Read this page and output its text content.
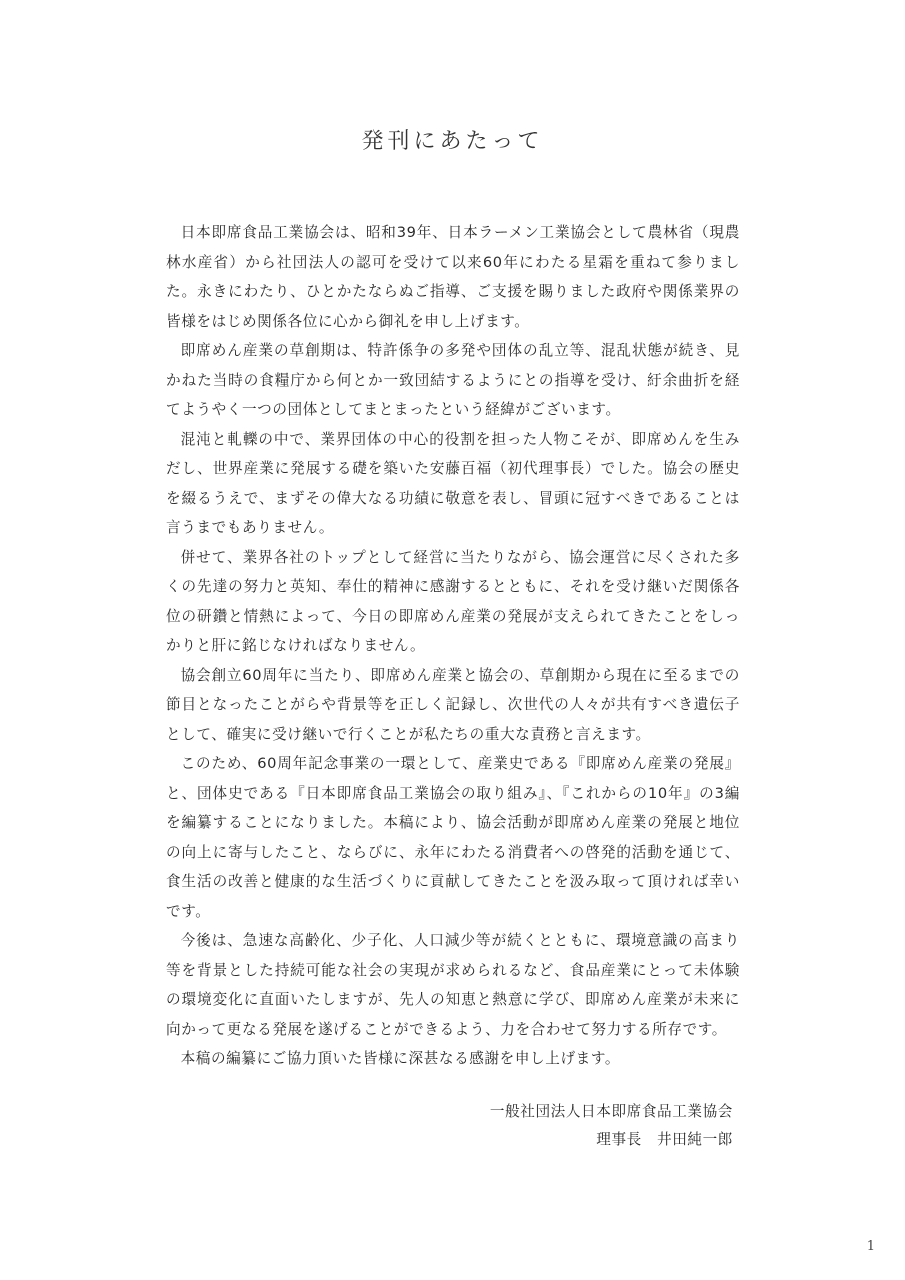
発刊にあたって

日本即席食品工業協会は、昭和39年、日本ラーメン工業協会として農林省（現農林水産省）から社団法人の認可を受けて以来60年にわたる星霜を重ねて参りました。永きにわたり、ひとかたならぬご指導、ご支援を賜りました政府や関係業界の皆様をはじめ関係各位に心から御礼を申し上げます。

即席めん産業の草創期は、特許係争の多発や団体の乱立等、混乱状態が続き、見かねた当時の食糧庁から何とか一致団結するようにとの指導を受け、紆余曲折を経てようやく一つの団体としてまとまったという経緯がございます。

混沌と軋轢の中で、業界団体の中心的役割を担った人物こそが、即席めんを生みだし、世界産業に発展する礎を築いた安藤百福（初代理事長）でした。協会の歴史を綴るうえで、まずその偉大なる功績に敬意を表し、冒頭に冠すべきであることは言うまでもありません。

併せて、業界各社のトップとして経営に当たりながら、協会運営に尽くされた多くの先達の努力と英知、奉仕的精神に感謝するとともに、それを受け継いだ関係各位の研鑽と情熱によって、今日の即席めん産業の発展が支えられてきたことをしっかりと肝に銘じなければなりません。

協会創立60周年に当たり、即席めん産業と協会の、草創期から現在に至るまでの節目となったことがらや背景等を正しく記録し、次世代の人々が共有すべき遺伝子として、確実に受け継いで行くことが私たちの重大な責務と言えます。

このため、60周年記念事業の一環として、産業史である『即席めん産業の発展』と、団体史である『日本即席食品工業協会の取り組み』、『これからの10年』の3編を編纂することになりました。本稿により、協会活動が即席めん産業の発展と地位の向上に寄与したこと、ならびに、永年にわたる消費者への啓発的活動を通じて、食生活の改善と健康的な生活づくりに貢献してきたことを汲み取って頂ければ幸いです。

今後は、急速な高齢化、少子化、人口減少等が続くとともに、環境意識の高まり等を背景とした持続可能な社会の実現が求められるなど、食品産業にとって未体験の環境変化に直面いたしますが、先人の知恵と熱意に学び、即席めん産業が未来に向かって更なる発展を遂げることができるよう、力を合わせて努力する所存です。

本稿の編纂にご協力頂いた皆様に深甚なる感謝を申し上げます。

一般社団法人日本即席食品工業協会
理事長　井田純一郎
1
